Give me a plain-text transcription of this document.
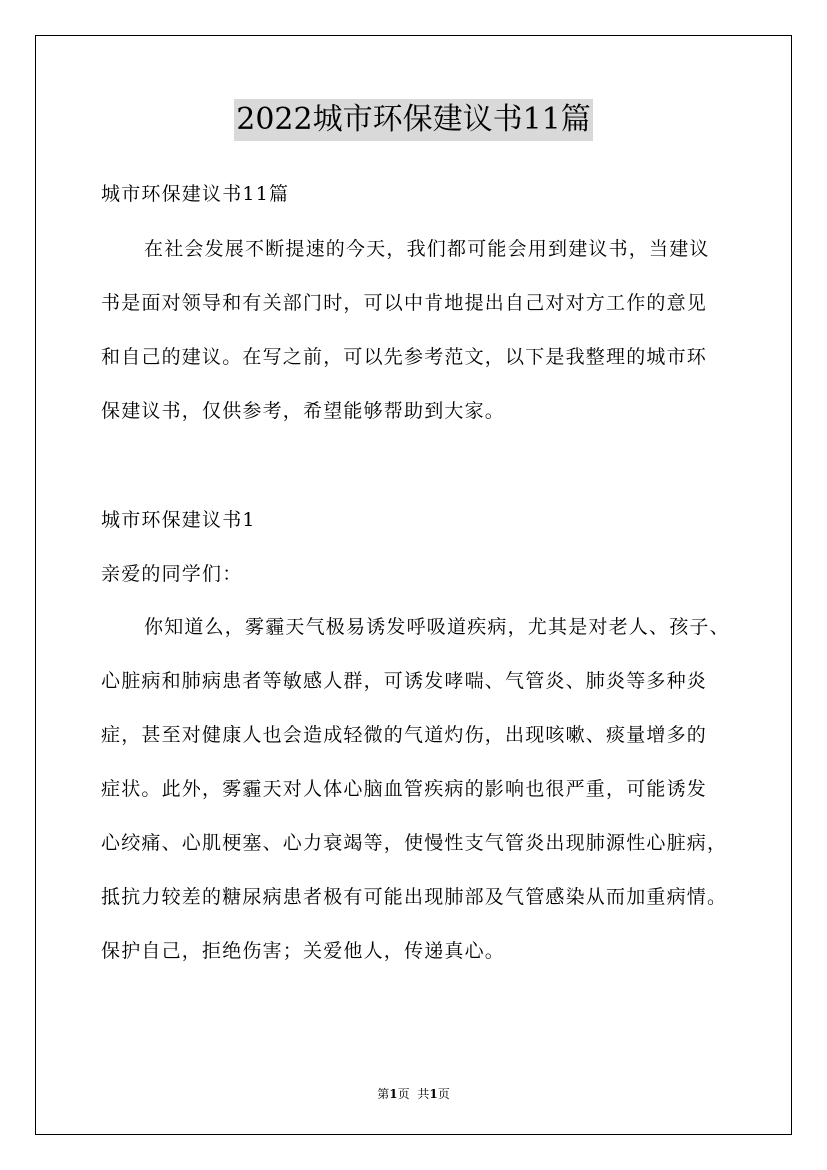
2022城市环保建议书11篇
城市环保建议书11篇
在社会发展不断提速的今天，我们都可能会用到建议书，当建议
书是面对领导和有关部门时，可以中肯地提出自己对对方工作的意见
和自己的建议。在写之前，可以先参考范文，以下是我整理的城市环
保建议书，仅供参考，希望能够帮助到大家。
城市环保建议书1
亲爱的同学们：
你知道么，雾霾天气极易诱发呼吸道疾病，尤其是对老人、孩子、
心脏病和肺病患者等敏感人群，可诱发哮喘、气管炎、肺炎等多种炎
症，甚至对健康人也会造成轻微的气道灼伤，出现咳嗽、痰量增多的
症状。此外，雾霾天对人体心脑血管疾病的影响也很严重，可能诱发
心绞痛、心肌梗塞、心力衰竭等，使慢性支气管炎出现肺源性心脏病，
抵抗力较差的糖尿病患者极有可能出现肺部及气管感染从而加重病情。
保护自己，拒绝伤害；关爱他人，传递真心。
第1页 共1页
